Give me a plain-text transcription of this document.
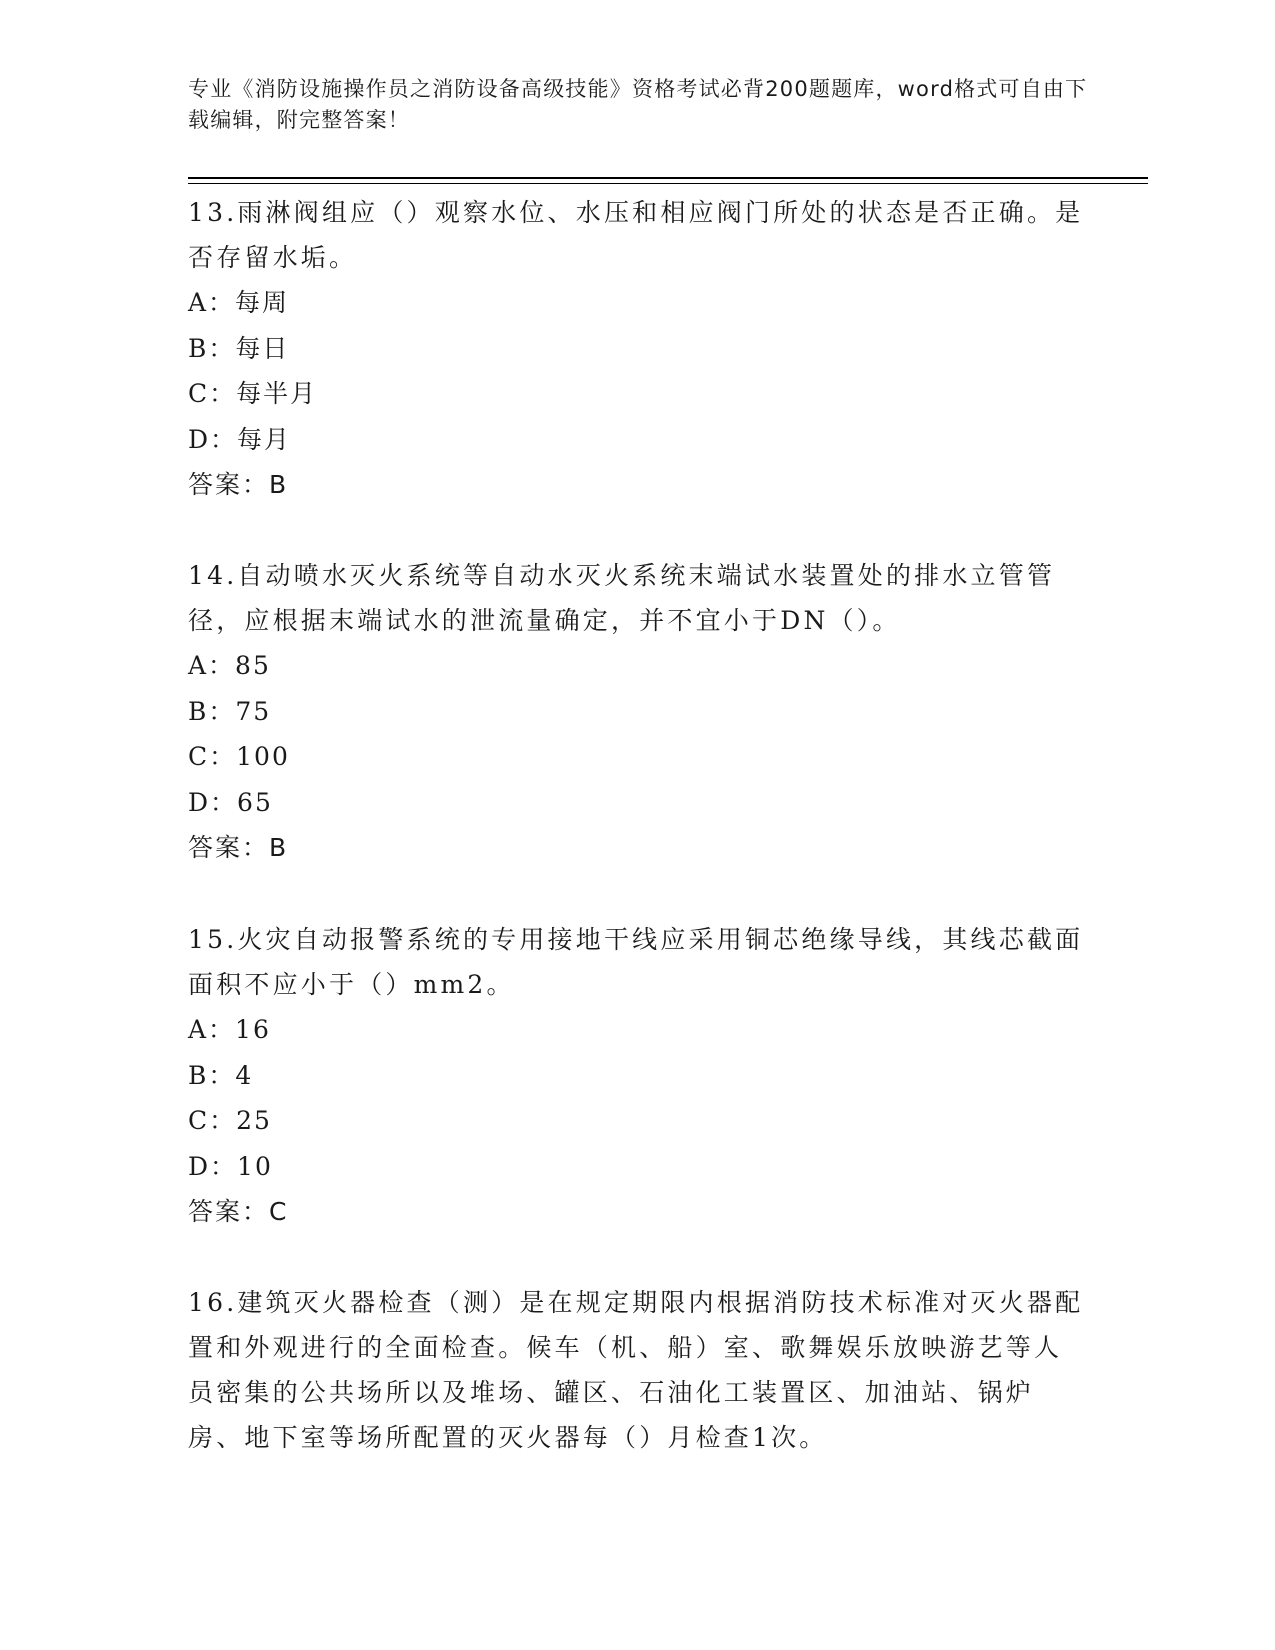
专业《消防设施操作员之消防设备高级技能》资格考试必背200题题库，word格式可自由下载编辑，附完整答案！

13.雨淋阀组应（）观察水位、水压和相应阀门所处的状态是否正确。是否存留水垢。

A：每周

B：每日

C：每半月

D：每月

答案：B

14.自动喷水灭火系统等自动水灭火系统末端试水装置处的排水立管管径，应根据末端试水的泄流量确定，并不宜小于DN（）。

A：85

B：75

C：100

D：65

答案：B

15.火灾自动报警系统的专用接地干线应采用铜芯绝缘导线，其线芯截面面积不应小于（）mm2。

A：16

B：4

C：25

D：10

答案：C

16.建筑灭火器检查（测）是在规定期限内根据消防技术标准对灭火器配置和外观进行的全面检查。候车（机、船）室、歌舞娱乐放映游艺等人员密集的公共场所以及堆场、罐区、石油化工装置区、加油站、锅炉房、地下室等场所配置的灭火器每（）月检查1次。
